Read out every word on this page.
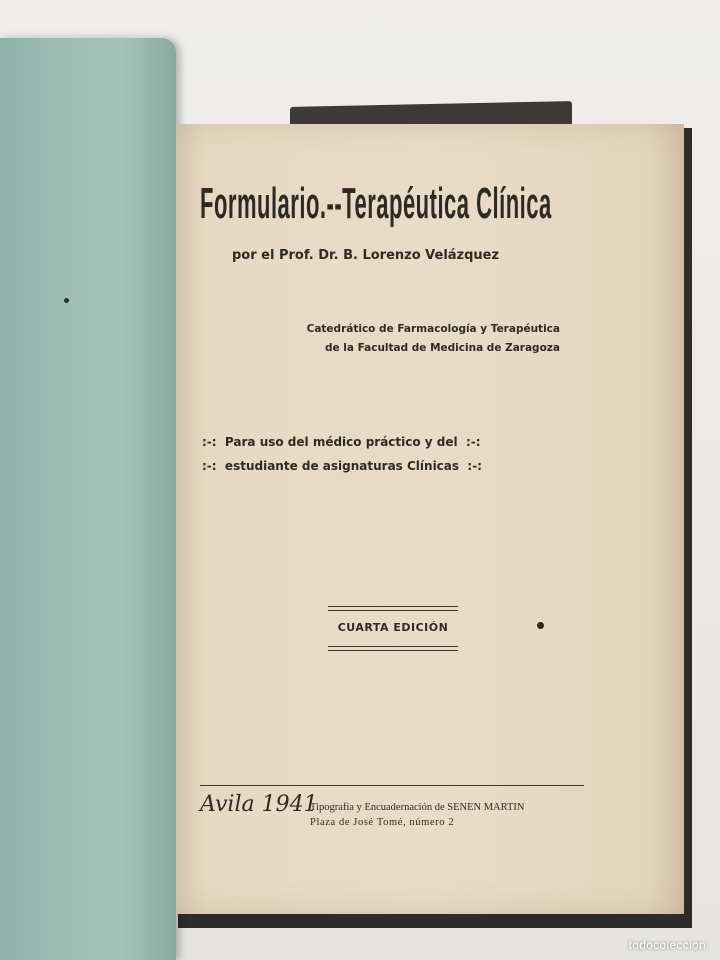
Formulario.--Terapéutica Clínica
por el Prof. Dr. B. Lorenzo Velázquez
Catedrático de Farmacología y Terapéutica
de la Facultad de Medicina de Zaragoza
:-:  Para uso del médico práctico y del  :-:
:-:  estudiante de asignaturas Clínicas  :-:
CUARTA EDICIÓN
Avila 1941
Tipografía y Encuadernación de SENEN MARTIN
Plaza de José Tomé, número 2
todocoleccion
